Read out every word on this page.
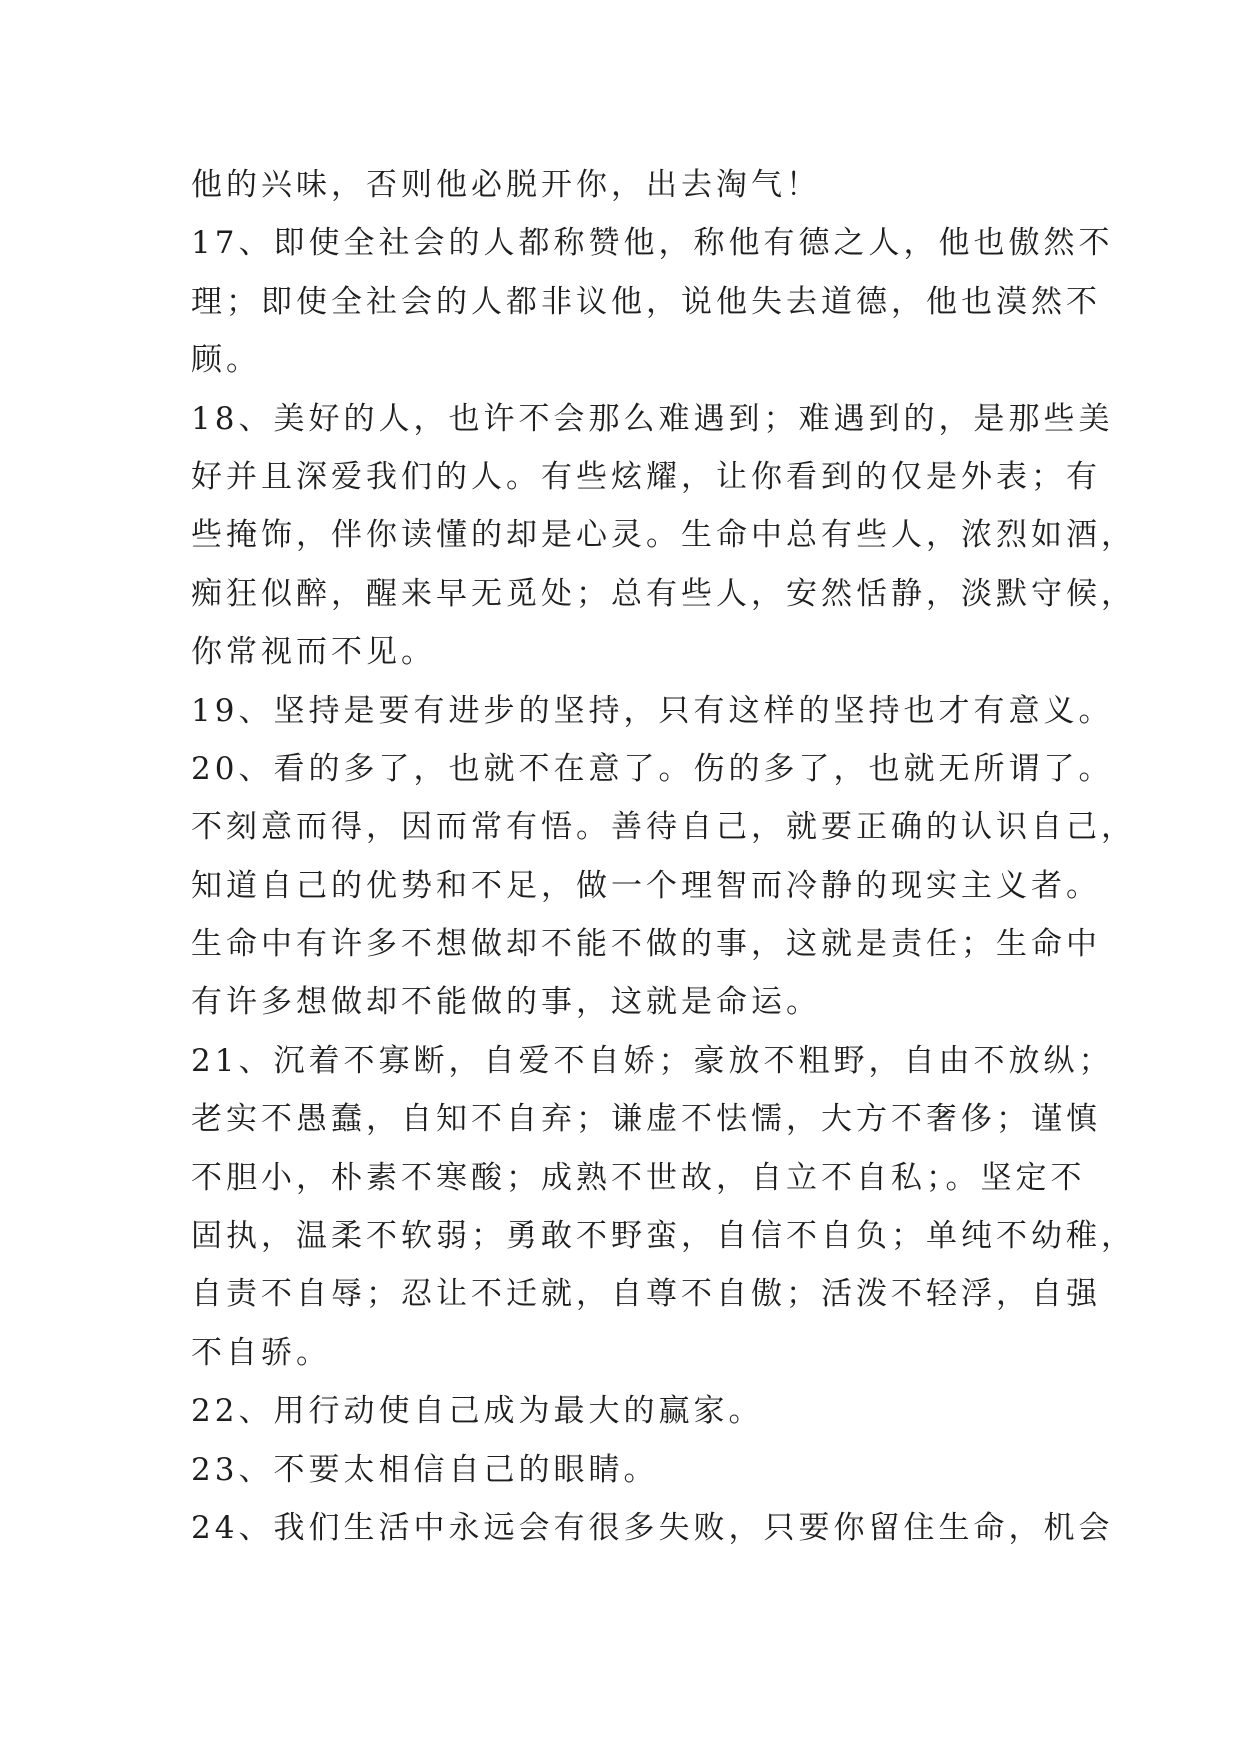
他的兴味，否则他必脱开你，出去淘气！
17、即使全社会的人都称赞他，称他有德之人，他也傲然不
理；即使全社会的人都非议他，说他失去道德，他也漠然不
顾。
18、美好的人，也许不会那么难遇到；难遇到的，是那些美
好并且深爱我们的人。有些炫耀，让你看到的仅是外表；有
些掩饰，伴你读懂的却是心灵。生命中总有些人，浓烈如酒，
痴狂似醉，醒来早无觅处；总有些人，安然恬静，淡默守候，
你常视而不见。
19、坚持是要有进步的坚持，只有这样的坚持也才有意义。
20、看的多了，也就不在意了。伤的多了，也就无所谓了。
不刻意而得，因而常有悟。善待自己，就要正确的认识自己，
知道自己的优势和不足，做一个理智而冷静的现实主义者。
生命中有许多不想做却不能不做的事，这就是责任；生命中
有许多想做却不能做的事，这就是命运。
21、沉着不寡断，自爱不自娇；豪放不粗野，自由不放纵；
老实不愚蠢，自知不自弃；谦虚不怯懦，大方不奢侈；谨慎
不胆小，朴素不寒酸；成熟不世故，自立不自私；。坚定不
固执，温柔不软弱；勇敢不野蛮，自信不自负；单纯不幼稚，
自责不自辱；忍让不迁就，自尊不自傲；活泼不轻浮，自强
不自骄。
22、用行动使自己成为最大的赢家。
23、不要太相信自己的眼睛。
24、我们生活中永远会有很多失败，只要你留住生命，机会
